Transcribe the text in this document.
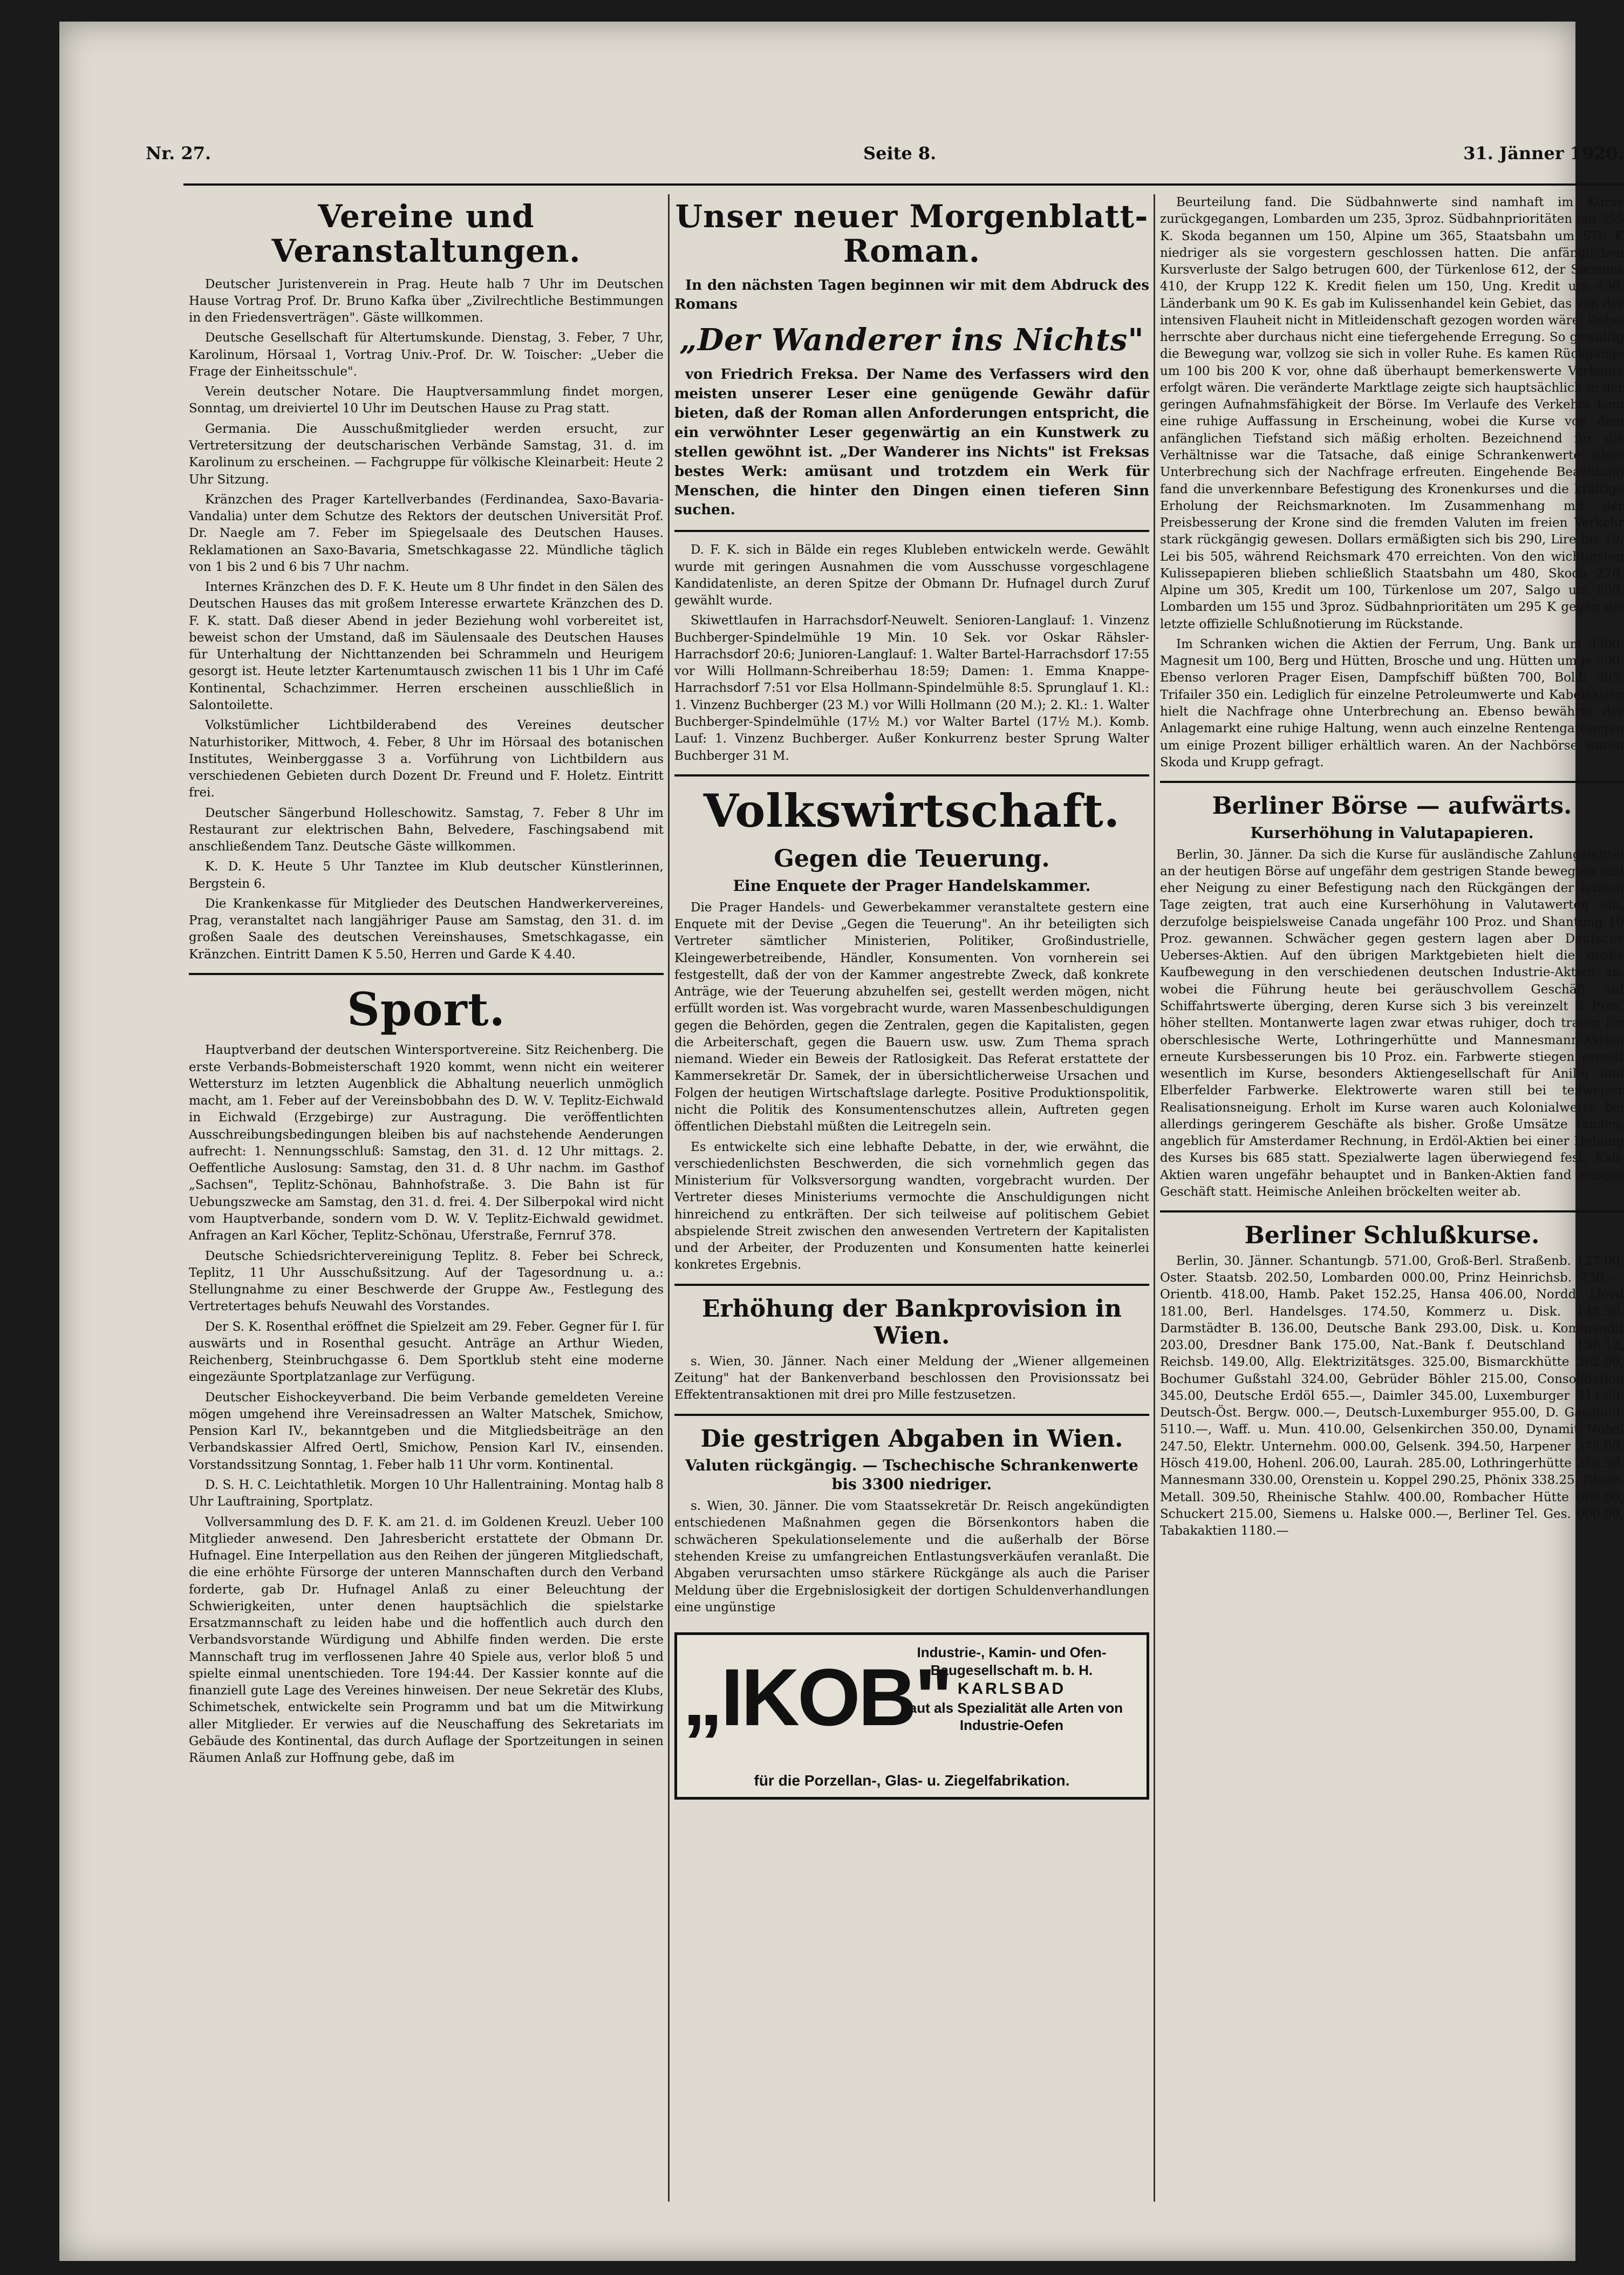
Nr. 27.	Seite 8.	31. Jänner 1920.
Vereine und Veranstaltungen.

Deutscher Juristenverein in Prag. Heute halb 7 Uhr im Deutschen Hause Vortrag Prof. Dr. Bruno Kafka über „Zivilrechtliche Bestimmungen in den Friedensverträgen". Gäste willkommen.

Deutsche Gesellschaft für Altertumskunde. Dienstag, 3. Feber, 7 Uhr, Karolinum, Hörsaal 1, Vortrag Univ.-Prof. Dr. W. Toischer: „Ueber die Frage der Einheitsschule".

Verein deutscher Notare. Die Hauptversammlung findet morgen, Sonntag, um dreiviertel 10 Uhr im Deutschen Hause zu Prag statt.

Germania. Die Ausschußmitglieder werden ersucht, zur Vertretersitzung der deutscharischen Verbände Samstag, 31. d. im Karolinum zu erscheinen. — Fachgruppe für völkische Kleinarbeit: Heute 2 Uhr Sitzung.

Kränzchen des Prager Kartellverbandes (Ferdinandea, Saxo-Bavaria-Vandalia) unter dem Schutze des Rektors der deutschen Universität Prof. Dr. Naegle am 7. Feber im Spiegelsaale des Deutschen Hauses. Reklamationen an Saxo-Bavaria, Smetschkagasse 22. Mündliche täglich von 1 bis 2 und 6 bis 7 Uhr nachm.

Internes Kränzchen des D. F. K. Heute um 8 Uhr findet in den Sälen des Deutschen Hauses das mit großem Interesse erwartete Kränzchen des D. F. K. statt. Daß dieser Abend in jeder Beziehung wohl vorbereitet ist, beweist schon der Umstand, daß im Säulensaale des Deutschen Hauses für Unterhaltung der Nichttanzenden bei Schrammeln und Heurigem gesorgt ist. Heute letzter Kartenumtausch zwischen 11 bis 1 Uhr im Café Kontinental, Schachzimmer. Herren erscheinen ausschließlich in Salontoilette.

Volkstümlicher Lichtbilderabend des Vereines deutscher Naturhistoriker, Mittwoch, 4. Feber, 8 Uhr im Hörsaal des botanischen Institutes, Weinberggasse 3 a. Vorführung von Lichtbildern aus verschiedenen Gebieten durch Dozent Dr. Freund und F. Holetz. Eintritt frei.

Deutscher Sängerbund Holleschowitz. Samstag, 7. Feber 8 Uhr im Restaurant zur elektrischen Bahn, Belvedere, Faschingsabend mit anschließendem Tanz. Deutsche Gäste willkommen.

K. D. K. Heute 5 Uhr Tanztee im Klub deutscher Künstlerinnen, Bergstein 6.

Die Krankenkasse für Mitglieder des Deutschen Handwerkervereines, Prag, veranstaltet nach langjähriger Pause am Samstag, den 31. d. im großen Saale des deutschen Vereinshauses, Smetschkagasse, ein Kränzchen. Eintritt Damen K 5.50, Herren und Garde K 4.40.

Sport.

Hauptverband der deutschen Wintersportvereine. Sitz Reichenberg. Die erste Verbands-Bobmeisterschaft 1920 kommt, wenn nicht ein weiterer Wettersturz im letzten Augenblick die Abhaltung neuerlich unmöglich macht, am 1. Feber auf der Vereinsbobbahn des D. W. V. Teplitz-Eichwald in Eichwald (Erzgebirge) zur Austragung. Die veröffentlichten Ausschreibungsbedingungen bleiben bis auf nachstehende Aenderungen aufrecht: 1. Nennungsschluß: Samstag, den 31. d. 12 Uhr mittags. 2. Oeffentliche Auslosung: Samstag, den 31. d. 8 Uhr nachm. im Gasthof „Sachsen", Teplitz-Schönau, Bahnhofstraße. 3. Die Bahn ist für Uebungszwecke am Samstag, den 31. d. frei. 4. Der Silberpokal wird nicht vom Hauptverbande, sondern vom D. W. V. Teplitz-Eichwald gewidmet. Anfragen an Karl Köcher, Teplitz-Schönau, Uferstraße, Fernruf 378.

Deutsche Schiedsrichtervereinigung Teplitz. 8. Feber bei Schreck, Teplitz, 11 Uhr Ausschußsitzung. Auf der Tagesordnung u. a.: Stellungnahme zu einer Beschwerde der Gruppe Aw., Festlegung des Vertretertages behufs Neuwahl des Vorstandes.

Der S. K. Rosenthal eröffnet die Spielzeit am 29. Feber. Gegner für I. für auswärts und in Rosenthal gesucht. Anträge an Arthur Wieden, Reichenberg, Steinbruchgasse 6. Dem Sportklub steht eine moderne eingezäunte Sportplatzanlage zur Verfügung.

Deutscher Eishockeyverband. Die beim Verbande gemeldeten Vereine mögen umgehend ihre Vereinsadressen an Walter Matschek, Smichow, Pension Karl IV., bekanntgeben und die Mitgliedsbeiträge an den Verbandskassier Alfred Oertl, Smichow, Pension Karl IV., einsenden. Vorstandssitzung Sonntag, 1. Feber halb 11 Uhr vorm. Kontinental.

D. S. H. C. Leichtathletik. Morgen 10 Uhr Hallentraining. Montag halb 8 Uhr Lauftraining, Sportplatz.

Vollversammlung des D. F. K. am 21. d. im Goldenen Kreuzl. Ueber 100 Mitglieder anwesend. Den Jahresbericht erstattete der Obmann Dr. Hufnagel. Eine Interpellation aus den Reihen der jüngeren Mitgliedschaft, die eine erhöhte Fürsorge der unteren Mannschaften durch den Verband forderte, gab Dr. Hufnagel Anlaß zu einer Beleuchtung der Schwierigkeiten, unter denen hauptsächlich die spielstarke Ersatzmannschaft zu leiden habe und die hoffentlich auch durch den Verbandsvorstande Würdigung und Abhilfe finden werden. Die erste Mannschaft trug im verflossenen Jahre 40 Spiele aus, verlor bloß 5 und spielte einmal unentschieden. Tore 194:44. Der Kassier konnte auf die finanziell gute Lage des Vereines hinweisen. Der neue Sekretär des Klubs, Schimetschek, entwickelte sein Programm und bat um die Mitwirkung aller Mitglieder. Er verwies auf die Neuschaffung des Sekretariats im Gebäude des Kontinental, das durch Auflage der Sportzeitungen in seinen Räumen Anlaß zur Hoffnung gebe, daß im

Unser neuer Morgenblatt-Roman.

In den nächsten Tagen beginnen wir mit dem Abdruck des Romans

„Der Wanderer ins Nichts"

von Friedrich Freksa. Der Name des Verfassers wird den meisten unserer Leser eine genügende Gewähr dafür bieten, daß der Roman allen Anforderungen entspricht, die ein verwöhnter Leser gegenwärtig an ein Kunstwerk zu stellen gewöhnt ist. „Der Wanderer ins Nichts" ist Freksas bestes Werk: amüsant und trotzdem ein Werk für Menschen, die hinter den Dingen einen tieferen Sinn suchen.

D. F. K. sich in Bälde ein reges Klubleben entwickeln werde. Gewählt wurde mit geringen Ausnahmen die vom Ausschusse vorgeschlagene Kandidatenliste, an deren Spitze der Obmann Dr. Hufnagel durch Zuruf gewählt wurde.

Skiwettlaufen in Harrachsdorf-Neuwelt. Senioren-Langlauf: 1. Vinzenz Buchberger-Spindelmühle 19 Min. 10 Sek. vor Oskar Rähsler-Harrachsdorf 20:6; Junioren-Langlauf: 1. Walter Bartel-Harrachsdorf 17:55 vor Willi Hollmann-Schreiberhau 18:59; Damen: 1. Emma Knappe-Harrachsdorf 7:51 vor Elsa Hollmann-Spindelmühle 8:5. Sprunglauf 1. Kl.: 1. Vinzenz Buchberger (23 M.) vor Willi Hollmann (20 M.); 2. Kl.: 1. Walter Buchberger-Spindelmühle (17½ M.) vor Walter Bartel (17½ M.). Komb. Lauf: 1. Vinzenz Buchberger. Außer Konkurrenz bester Sprung Walter Buchberger 31 M.

Volkswirtschaft.
Gegen die Teuerung.
Eine Enquete der Prager Handelskammer.

Die Prager Handels- und Gewerbekammer veranstaltete gestern eine Enquete mit der Devise „Gegen die Teuerung". An ihr beteiligten sich Vertreter sämtlicher Ministerien, Politiker, Großindustrielle, Kleingewerbetreibende, Händler, Konsumenten. Von vornherein sei festgestellt, daß der von der Kammer angestrebte Zweck, daß konkrete Anträge, wie der Teuerung abzuhelfen sei, gestellt werden mögen, nicht erfüllt worden ist. Was vorgebracht wurde, waren Massenbeschuldigungen gegen die Behörden, gegen die Zentralen, gegen die Kapitalisten, gegen die Arbeiterschaft, gegen die Bauern usw. usw. Zum Thema sprach niemand. Wieder ein Beweis der Ratlosigkeit. Das Referat erstattete der Kammersekretär Dr. Samek, der in übersichtlicherweise Ursachen und Folgen der heutigen Wirtschaftslage darlegte. Positive Produktionspolitik, nicht die Politik des Konsumentenschutzes allein, Auftreten gegen öffentlichen Diebstahl müßten die Leitregeln sein.

Es entwickelte sich eine lebhafte Debatte, in der, wie erwähnt, die verschiedenlichsten Beschwerden, die sich vornehmlich gegen das Ministerium für Volksversorgung wandten, vorgebracht wurden. Der Vertreter dieses Ministeriums vermochte die Anschuldigungen nicht hinreichend zu entkräften. Der sich teilweise auf politischem Gebiet abspielende Streit zwischen den anwesenden Vertretern der Kapitalisten und der Arbeiter, der Produzenten und Konsumenten hatte keinerlei konkretes Ergebnis.

Erhöhung der Bankprovision in Wien.

s. Wien, 30. Jänner. Nach einer Meldung der „Wiener allgemeinen Zeitung" hat der Bankenverband beschlossen den Provisionssatz bei Effektentransaktionen mit drei pro Mille festzusetzen.

Die gestrigen Abgaben in Wien.
Valuten rückgängig. — Tschechische Schrankenwerte bis 3300 niedriger.

s. Wien, 30. Jänner. Die vom Staatssekretär Dr. Reisch angekündigten entschiedenen Maßnahmen gegen die Börsenkontors haben die schwächeren Spekulationselemente und die außerhalb der Börse stehenden Kreise zu umfangreichen Entlastungsverkäufen veranlaßt. Die Abgaben verursachten umso stärkere Rückgänge als auch die Pariser Meldung über die Ergebnislosigkeit der dortigen Schuldenverhandlungen eine ungünstige

„IKOB"
Industrie-, Kamin- und Ofen-Baugesellschaft m. b. H.
KARLSBAD
baut als Spezialität alle Arten von
Industrie-Oefen
für die Porzellan-, Glas- u. Ziegelfabrikation.

Beurteilung fand. Die Südbahnwerte sind namhaft im Kurse zurückgegangen, Lombarden um 235, 3proz. Südbahnprioritäten um 355 K. Skoda begannen um 150, Alpine um 365, Staatsbahn um 570 K niedriger als sie vorgestern geschlossen hatten. Die anfänglichen Kursverluste der Salgo betrugen 600, der Türkenlose 612, der Siemens 410, der Krupp 122 K. Kredit fielen um 150, Ung. Kredit um 490, Länderbank um 90 K. Es gab im Kulissenhandel kein Gebiet, das von der intensiven Flauheit nicht in Mitleidenschaft gezogen worden wäre. Dabei herrschte aber durchaus nicht eine tiefergehende Erregung. So gewaltig die Bewegung war, vollzog sie sich in voller Ruhe. Es kamen Rückgänge um 100 bis 200 K vor, ohne daß überhaupt bemerkenswerte Verkäufe erfolgt wären. Die veränderte Marktlage zeigte sich hauptsächlich in der geringen Aufnahmsfähigkeit der Börse. Im Verlaufe des Verkehrs kam eine ruhige Auffassung in Erscheinung, wobei die Kurse von dem anfänglichen Tiefstand sich mäßig erholten. Bezeichnend für die Verhältnisse war die Tatsache, daß einige Schrankenwerte ohne Unterbrechung sich der Nachfrage erfreuten. Eingehende Beachtung fand die unverkennbare Befestigung des Kronenkurses und die kräftige Erholung der Reichsmarknoten. Im Zusammenhang mit der Preisbesserung der Krone sind die fremden Valuten im freien Verkehr stark rückgängig gewesen. Dollars ermäßigten sich bis 290, Lire bis 19, Lei bis 505, während Reichsmark 470 erreichten. Von den wichtigsten Kulissepapieren blieben schließlich Staatsbahn um 480, Skoda 270, Alpine um 305, Kredit um 100, Türkenlose um 207, Salgo um 800, Lombarden um 155 und 3proz. Südbahnprioritäten um 295 K gegen die letzte offizielle Schlußnotierung im Rückstande.

Im Schranken wichen die Aktien der Ferrum, Ung. Bank um 3300, Magnesit um 100, Berg und Hütten, Brosche und ung. Hütten um je 500. Ebenso verloren Prager Eisen, Dampfschiff büßten 700, Boldi 395, Trifailer 350 ein. Lediglich für einzelne Petroleumwerte und Kabelaktien hielt die Nachfrage ohne Unterbrechung an. Ebenso bewährte der Anlagemarkt eine ruhige Haltung, wenn auch einzelne Rentengattungen um einige Prozent billiger erhältlich waren. An der Nachbörse waren Skoda und Krupp gefragt.

Berliner Börse — aufwärts.
Kurserhöhung in Valutapapieren.

Berlin, 30. Jänner. Da sich die Kurse für ausländische Zahlungsmittel an der heutigen Börse auf ungefähr dem gestrigen Stande bewegten und eher Neigung zu einer Befestigung nach den Rückgängen der letzten Tage zeigten, trat auch eine Kurserhöhung in Valutawerten ein, derzufolge beispielsweise Canada ungefähr 100 Proz. und Shantung 10 Proz. gewannen. Schwächer gegen gestern lagen aber Deutsche Ueberses-Aktien. Auf den übrigen Marktgebieten hielt die große Kaufbewegung in den verschiedenen deutschen Industrie-Aktien an, wobei die Führung heute bei geräuschvollem Geschäft auf Schiffahrtswerte überging, deren Kurse sich 3 bis vereinzelt 8 Proz. höher stellten. Montanwerte lagen zwar etwas ruhiger, doch traten für oberschlesische Werte, Lothringerhütte und Mannesmann-Aktien erneute Kursbesserungen bis 10 Proz. ein. Farbwerte stiegen erneut wesentlich im Kurse, besonders Aktiengesellschaft für Anilin und Elberfelder Farbwerke. Elektrowerte waren still bei teilweiser Realisationsneigung. Erholt im Kurse waren auch Kolonialwerte bei allerdings geringerem Geschäfte als bisher. Große Umsätze fanden, angeblich für Amsterdamer Rechnung, in Erdöl-Aktien bei einer Hebung des Kurses bis 685 statt. Spezialwerte lagen überwiegend fest, Kali-Aktien waren ungefähr behauptet und in Banken-Aktien fand einiges Geschäft statt. Heimische Anleihen bröckelten weiter ab.

Berliner Schlußkurse.

Berlin, 30. Jänner. Schantungb. 571.00, Groß-Berl. Straßenb. 127.00, Oster. Staatsb. 202.50, Lombarden 000.00, Prinz Heinrichsb. 730.—, Orientb. 418.00, Hamb. Paket 152.25, Hansa 406.00, Nordd. Lloyd 181.00, Berl. Handelsges. 174.50, Kommerz u. Disk. 148.50, Darmstädter B. 136.00, Deutsche Bank 293.00, Disk. u. Kommandit 203.00, Dresdner Bank 175.00, Nat.-Bank f. Deutschland 136.12, Reichsb. 149.00, Allg. Elektrizitätsges. 325.00, Bismarckhütte 362.00, Bochumer Gußstahl 324.00, Gebrüder Böhler 215.00, Consolidation 345.00, Deutsche Erdöl 655.—, Daimler 345.00, Luxemburger 314.50, Deutsch-Öst. Bergw. 000.—, Deutsch-Luxemburger 955.00, D. Gasglühl. 5110.—, Waff. u. Mun. 410.00, Gelsenkirchen 350.00, Dynamit Nobel 247.50, Elektr. Unternehm. 000.00, Gelsenk. 394.50, Harpener 378.00, Hösch 419.00, Hohenl. 206.00, Laurah. 285.00, Lothringerhütte 356.50, Mannesmann 330.00, Orenstein u. Koppel 290.25, Phönix 338.25, Rhein-Metall. 309.50, Rheinische Stahlw. 400.00, Rombacher Hütte 000.00, Schuckert 215.00, Siemens u. Halske 000.—, Berliner Tel. Ges. 000.00, Tabakaktien 1180.—
